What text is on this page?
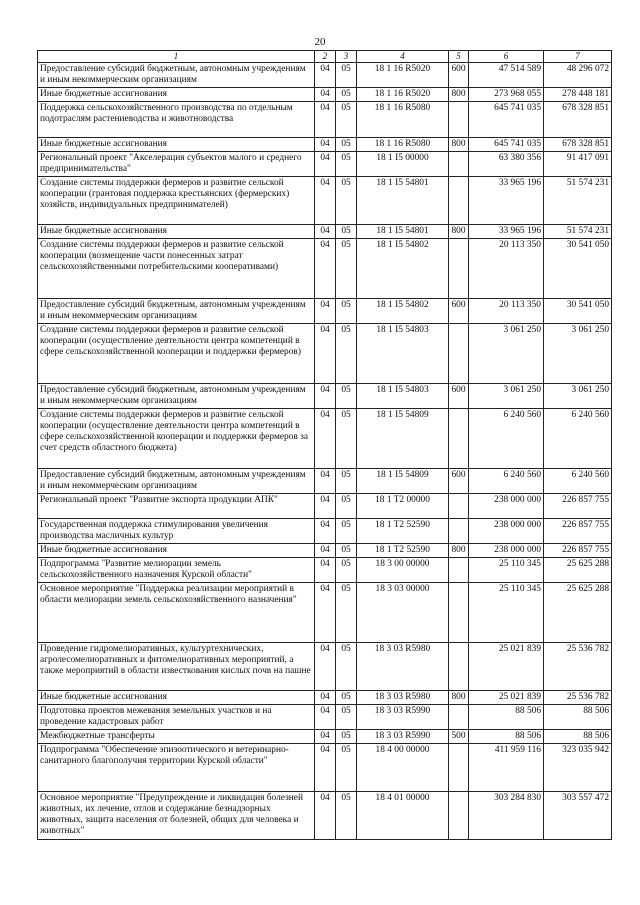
20
1	2	3	4	5	6	7
Предоставление субсидий бюджетным, автономным учреждениям и иным некоммерческим организациям	04	05	18 1 16 R5020	600	47 514 589	48 296 072
Иные бюджетные ассигнования	04	05	18 1 16 R5020	800	273 968 055	278 448 181
Поддержка сельскохозяйственного производства по отдельным подотраслям растениеводства и животноводства	04	05	18 1 16 R5080		645 741 035	678 328 851
Иные бюджетные ассигнования	04	05	18 1 16 R5080	800	645 741 035	678 328 851
Региональный проект "Акселерация субъектов малого и среднего предпринимательства"	04	05	18 1 I5 00000		63 380 356	91 417 091
Создание системы поддержки фермеров и развитие сельской кооперации (грантовая поддержка крестьянских (фермерских) хозяйств, индивидуальных предпринимателей)	04	05	18 1 I5 54801		33 965 196	51 574 231
Иные бюджетные ассигнования	04	05	18 1 I5 54801	800	33 965 196	51 574 231
Создание системы поддержки фермеров и развитие сельской кооперации (возмещение части понесенных затрат сельскохозяйственными потребительскими кооперативами)	04	05	18 1 I5 54802		20 113 350	30 541 050
Предоставление субсидий бюджетным, автономным учреждениям и иным некоммерческим организациям	04	05	18 1 I5 54802	600	20 113 350	30 541 050
Создание системы поддержки фермеров и развитие сельской кооперации (осуществление деятельности центра компетенций в сфере сельскохозяйственной кооперации и поддержки фермеров)	04	05	18 1 I5 54803		3 061 250	3 061 250
Предоставление субсидий бюджетным, автономным учреждениям и иным некоммерческим организациям	04	05	18 1 I5 54803	600	3 061 250	3 061 250
Создание системы поддержки фермеров и развитие сельской кооперации (осуществление деятельности центра компетенций в сфере сельскохозяйственной кооперации и поддержки фермеров за счет средств областного бюджета)	04	05	18 1 I5 54809		6 240 560	6 240 560
Предоставление субсидий бюджетным, автономным учреждениям и иным некоммерческим организациям	04	05	18 1 I5 54809	600	6 240 560	6 240 560
Региональный проект "Развитие экспорта продукции АПК"	04	05	18 1 T2 00000		238 000 000	226 857 755
Государственная поддержка стимулирования увеличения производства масличных культур	04	05	18 1 T2 52590		238 000 000	226 857 755
Иные бюджетные ассигнования	04	05	18 1 T2 52590	800	238 000 000	226 857 755
Подпрограмма "Развитие мелиорации земель сельскохозяйственного назначения Курской области"	04	05	18 3 00 00000		25 110 345	25 625 288
Основное мероприятие "Поддержка реализации мероприятий в области мелиорации земель сельскохозяйственного назначения"	04	05	18 3 03 00000		25 110 345	25 625 288
Проведение гидромелиоративных, культуртехнических, агролесомелиоративных и фитомелиоративных мероприятий, а также мероприятий в области известкования кислых почв на пашне	04	05	18 3 03 R5980		25 021 839	25 536 782
Иные бюджетные ассигнования	04	05	18 3 03 R5980	800	25 021 839	25 536 782
Подготовка проектов межевания земельных участков и на проведение кадастровых работ	04	05	18 3 03 R5990		88 506	88 506
Межбюджетные трансферты	04	05	18 3 03 R5990	500	88 506	88 506
Подпрограмма "Обеспечение эпизоотического и ветеринарно-санитарного благополучия территории Курской области"	04	05	18 4 00 00000		411 959 116	323 035 942
Основное мероприятие "Предупреждение и ликвидация болезней животных, их лечение, отлов и содержание безнадзорных животных, защита населения от болезней, общих для человека и животных"	04	05	18 4 01 00000		303 284 830	303 557 472
